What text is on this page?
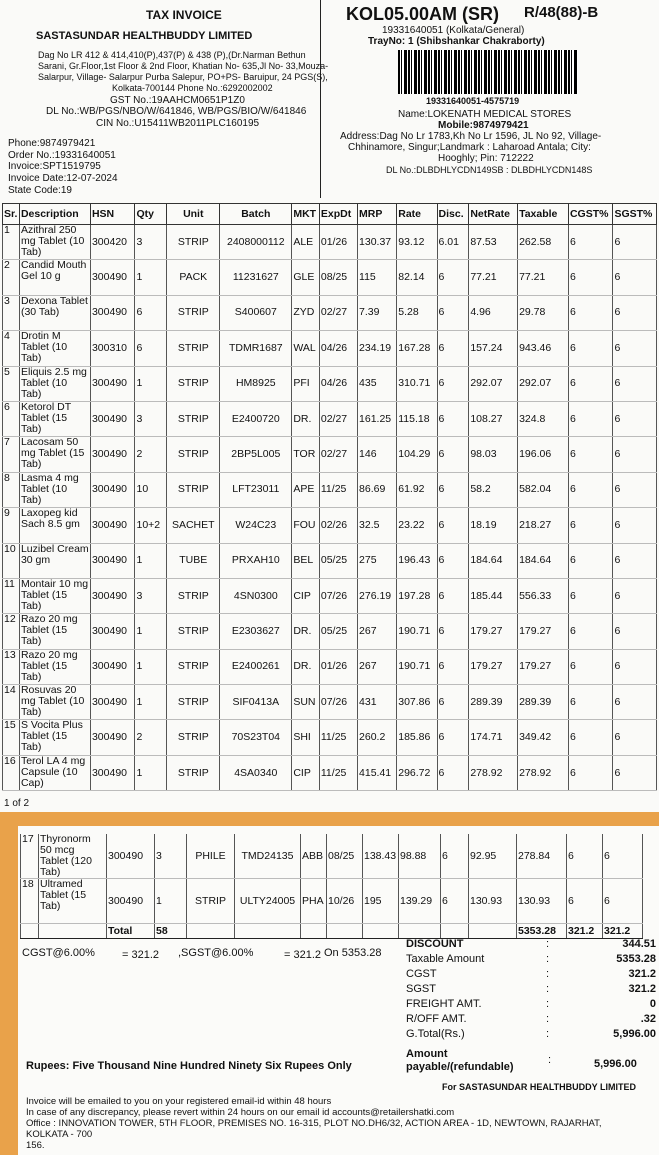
TAX INVOICE
SASTASUNDAR HEALTHBUDDY LIMITED
Dag No LR 412 & 414,410(P),437(P) & 438 (P),(Dr.Narman Bethun
Sarani, Gr.Floor,1st Floor & 2nd Floor, Khatian No- 635,Jl No- 33,Mouza-
Salarpur, Village- Salarpur Purba Salepur, PO+PS- Baruipur, 24 PGS(S),
Kolkata-700144 Phone No.:6292002002
GST No.:19AAHCM0651P1Z0
DL No.:WB/PGS/NBO/W/641846, WB/PGS/BIO/W/641846
CIN No.:U15411WB2011PLC160195
Phone:9874979421
Order No.:19331640051
Invoice:SPT1519795
Invoice Date:12-07-2024
State Code:19
KOL05.00AM (SR) R/48(88)-B
19331640051 (Kolkata/General)
TrayNo: 1 (Shibshankar Chakraborty)
19331640051-4575719
Name:LOKENATH MEDICAL STORES
Mobile:9874979421
Address:Dag No Lr 1783,Kh No Lr 1596, JL No 92, Village-
Chhinamore, Singur;Landmark : Laharoad Antala; City:
Hooghly; Pin: 712222
DL No.:DLBDHLYCDN149SB : DLBDHLYCDN148S
Sr.	Description	HSN	Qty	Unit	Batch	MKT	ExpDt	MRP	Rate	Disc.	NetRate	Taxable	CGST%	SGST%
1	Azithral 250 mg Tablet (10 Tab)	300420	3	STRIP	2408000112	ALE	01/26	130.37	93.12	6.01	87.53	262.58	6	6
2	Candid Mouth Gel 10 g	300490	1	PACK	11231627	GLE	08/25	115	82.14	6	77.21	77.21	6	6
3	Dexona Tablet (30 Tab)	300490	6	STRIP	S400607	ZYD	02/27	7.39	5.28	6	4.96	29.78	6	6
4	Drotin M Tablet (10 Tab)	300310	6	STRIP	TDMR1687	WAL	04/26	234.19	167.28	6	157.24	943.46	6	6
5	Eliquis 2.5 mg Tablet (10 Tab)	300490	1	STRIP	HM8925	PFI	04/26	435	310.71	6	292.07	292.07	6	6
6	Ketorol DT Tablet (15 Tab)	300490	3	STRIP	E2400720	DR.	02/27	161.25	115.18	6	108.27	324.8	6	6
7	Lacosam 50 mg Tablet (15 Tab)	300490	2	STRIP	2BP5L005	TOR	02/27	146	104.29	6	98.03	196.06	6	6
8	Lasma 4 mg Tablet (10 Tab)	300490	10	STRIP	LFT23011	APE	11/25	86.69	61.92	6	58.2	582.04	6	6
9	Laxopeg kid Sach 8.5 gm	300490	10+2	SACHET	W24C23	FOU	02/26	32.5	23.22	6	18.19	218.27	6	6
10	Luzibel Cream 30 gm	300490	1	TUBE	PRXAH10	BEL	05/25	275	196.43	6	184.64	184.64	6	6
11	Montair 10 mg Tablet (15 Tab)	300490	3	STRIP	4SN0300	CIP	07/26	276.19	197.28	6	185.44	556.33	6	6
12	Razo 20 mg Tablet (15 Tab)	300490	1	STRIP	E2303627	DR.	05/25	267	190.71	6	179.27	179.27	6	6
13	Razo 20 mg Tablet (15 Tab)	300490	1	STRIP	E2400261	DR.	01/26	267	190.71	6	179.27	179.27	6	6
14	Rosuvas 20 mg Tablet (10 Tab)	300490	1	STRIP	SIF0413A	SUN	07/26	431	307.86	6	289.39	289.39	6	6
15	S Vocita Plus Tablet (15 Tab)	300490	2	STRIP	70S23T04	SHI	11/25	260.2	185.86	6	174.71	349.42	6	6
16	Terol LA 4 mg Capsule (10 Cap)	300490	1	STRIP	4SA0340	CIP	11/25	415.41	296.72	6	278.92	278.92	6	6
1 of 2
17	Thyronorm 50 mcg Tablet (120 Tab)	300490	3	PHILE	TMD24135	ABB	08/25	138.43	98.88	6	92.95	278.84	6	6
18	Ultramed Tablet (15 Tab)	300490	1	STRIP	ULTY24005	PHA	10/26	195	139.29	6	130.93	130.93	6	6
		Total	58									5353.28	321.2	321.2
CGST@6.00% = 321.2 ,SGST@6.00%	= 321.2 On 5353.28
DISCOUNT	:	344.51
Taxable Amount	:	5353.28
CGST	:	321.2
SGST	:	321.2
FREIGHT AMT.	:	0
R/OFF AMT.	:	.32
G.Total(Rs.)	:	5,996.00
Amount
payable/(refundable)
:	5,996.00
Rupees: Five Thousand Nine Hundred Ninety Six Rupees Only
For SASTASUNDAR HEALTHBUDDY LIMITED
Invoice will be emailed to you on your registered email-id within 48 hours
In case of any discrepancy, please revert within 24 hours on our email id accounts@retailershatki.com
Office : INNOVATION TOWER, 5TH FLOOR, PREMISES NO. 16-315, PLOT NO.DH6/32, ACTION AREA - 1D, NEWTOWN, RAJARHAT, KOLKATA - 700
156.
